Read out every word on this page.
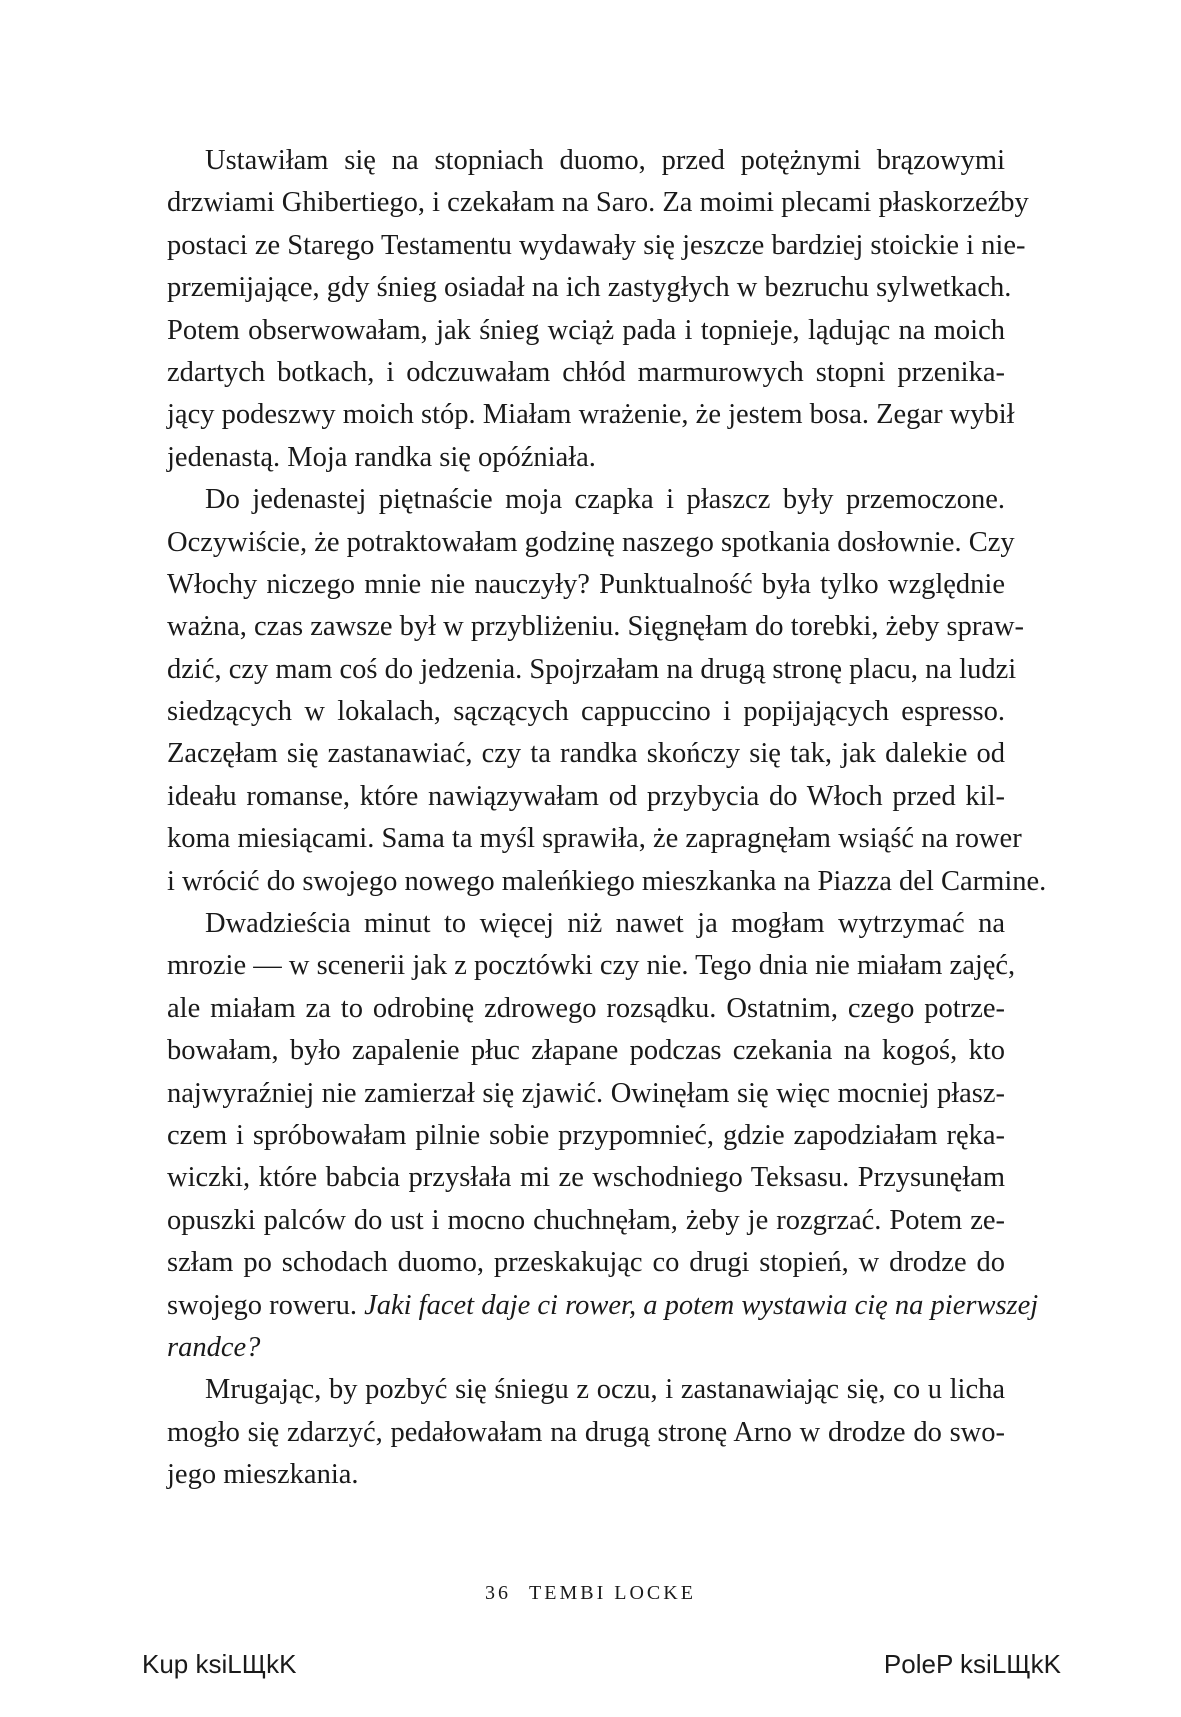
Ustawiłam się na stopniach duomo, przed potężnymi brązowymi
drzwiami Ghibertiego, i czekałam na Saro. Za moimi plecami płaskorzeźby
postaci ze Starego Testamentu wydawały się jeszcze bardziej stoickie i nie-
przemijające, gdy śnieg osiadał na ich zastygłych w bezruchu sylwetkach.
Potem obserwowałam, jak śnieg wciąż pada i topnieje, lądując na moich
zdartych botkach, i odczuwałam chłód marmurowych stopni przenika-
jący podeszwy moich stóp. Miałam wrażenie, że jestem bosa. Zegar wybił
jedenastą. Moja randka się opóźniała.
Do jedenastej piętnaście moja czapka i płaszcz były przemoczone.
Oczywiście, że potraktowałam godzinę naszego spotkania dosłownie. Czy
Włochy niczego mnie nie nauczyły? Punktualność była tylko względnie
ważna, czas zawsze był w przybliżeniu. Sięgnęłam do torebki, żeby spraw-
dzić, czy mam coś do jedzenia. Spojrzałam na drugą stronę placu, na ludzi
siedzących w lokalach, sączących cappuccino i popijających espresso.
Zaczęłam się zastanawiać, czy ta randka skończy się tak, jak dalekie od
ideału romanse, które nawiązywałam od przybycia do Włoch przed kil-
koma miesiącami. Sama ta myśl sprawiła, że zapragnęłam wsiąść na rower
i wrócić do swojego nowego maleńkiego mieszkanka na Piazza del Carmine.
Dwadzieścia minut to więcej niż nawet ja mogłam wytrzymać na
mrozie — w scenerii jak z pocztówki czy nie. Tego dnia nie miałam zajęć,
ale miałam za to odrobinę zdrowego rozsądku. Ostatnim, czego potrze-
bowałam, było zapalenie płuc złapane podczas czekania na kogoś, kto
najwyraźniej nie zamierzał się zjawić. Owinęłam się więc mocniej płasz-
czem i spróbowałam pilnie sobie przypomnieć, gdzie zapodziałam ręka-
wiczki, które babcia przysłała mi ze wschodniego Teksasu. Przysunęłam
opuszki palców do ust i mocno chuchnęłam, żeby je rozgrzać. Potem ze-
szłam po schodach duomo, przeskakując co drugi stopień, w drodze do
swojego roweru. Jaki facet daje ci rower, a potem wystawia cię na pierwszej
randce?
Mrugając, by pozbyć się śniegu z oczu, i zastanawiając się, co u licha
mogło się zdarzyć, pedałowałam na drugą stronę Arno w drodze do swo-
jego mieszkania.
36 TEMBI LOCKE
Kup ksiLЩkK	PoleP ksiLЩkK
